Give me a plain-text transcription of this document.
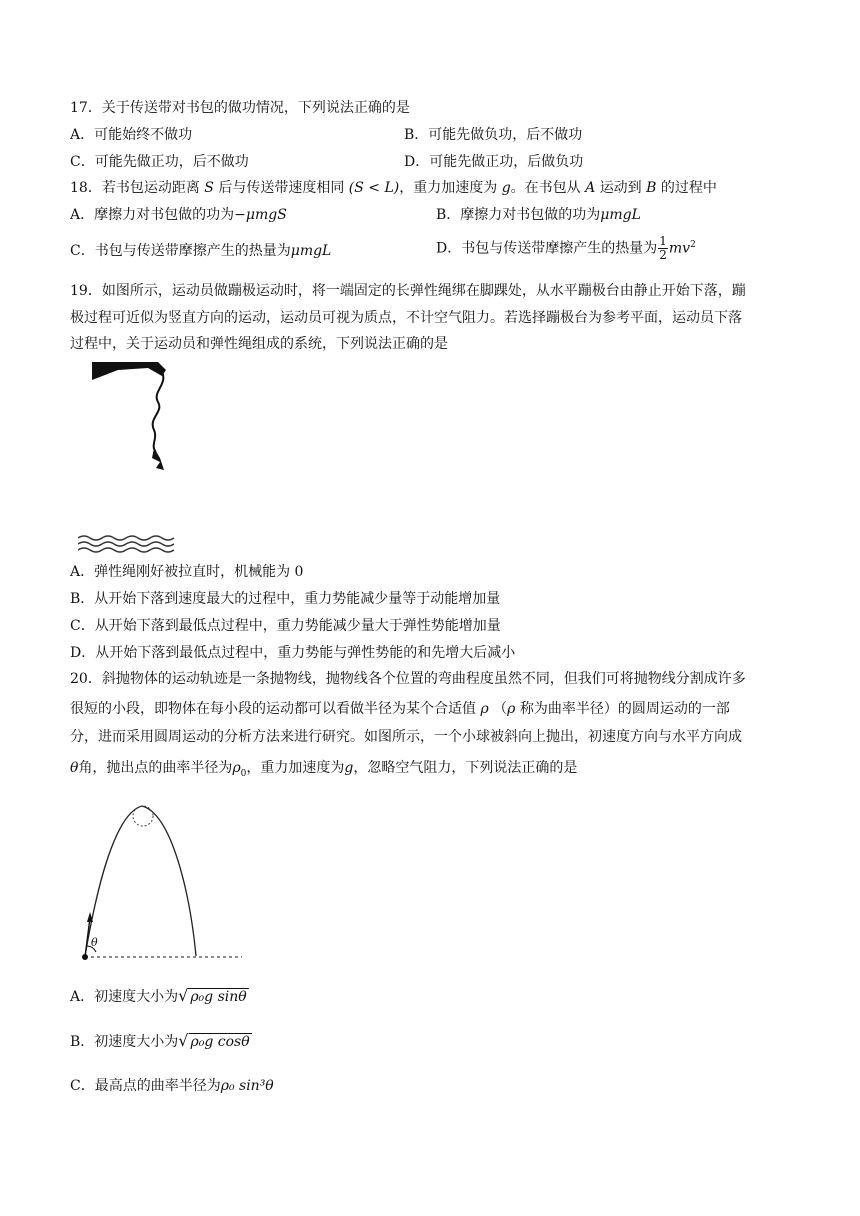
17．关于传送带对书包的做功情况，下列说法正确的是
A．可能始终不做功	B．可能先做负功，后不做功
C．可能先做正功，后不做功	D．可能先做正功，后做负功
18．若书包运动距离 S 后与传送带速度相同 (S < L)，重力加速度为 g。在书包从 A 运动到 B 的过程中
A．摩擦力对书包做的功为−μmgS	B．摩擦力对书包做的功为μmgL
C．书包与传送带摩擦产生的热量为μmgL	D．书包与传送带摩擦产生的热量为 $\frac{1}{2} mv^2$
19．如图所示，运动员做蹦极运动时，将一端固定的长弹性绳绑在脚踝处，从水平蹦极台由静止开始下落，蹦
极过程可近似为竖直方向的运动，运动员可视为质点，不计空气阻力。若选择蹦极台为参考平面，运动员下落
过程中，关于运动员和弹性绳组成的系统，下列说法正确的是
A．弹性绳刚好被拉直时，机械能为 0
B．从开始下落到速度最大的过程中，重力势能减少量等于动能增加量
C．从开始下落到最低点过程中，重力势能减少量大于弹性势能增加量
D．从开始下落到最低点过程中，重力势能与弹性势能的和先增大后减小
20．斜抛物体的运动轨迹是一条抛物线，抛物线各个位置的弯曲程度虽然不同，但我们可将抛物线分割成许多
很短的小段，即物体在每小段的运动都可以看做半径为某个合适值 ρ （ρ 称为曲率半径）的圆周运动的一部
分，进而采用圆周运动的分析方法来进行研究。如图所示，一个小球被斜向上抛出，初速度方向与水平方向成
θ角，抛出点的曲率半径为$\rho_0$，重力加速度为g，忽略空气阻力，下列说法正确的是
θ
A．初速度大小为√ ρ₀g sinθ
B．初速度大小为√ ρ₀g cosθ
C．最高点的曲率半径为ρ₀ sin³θ
